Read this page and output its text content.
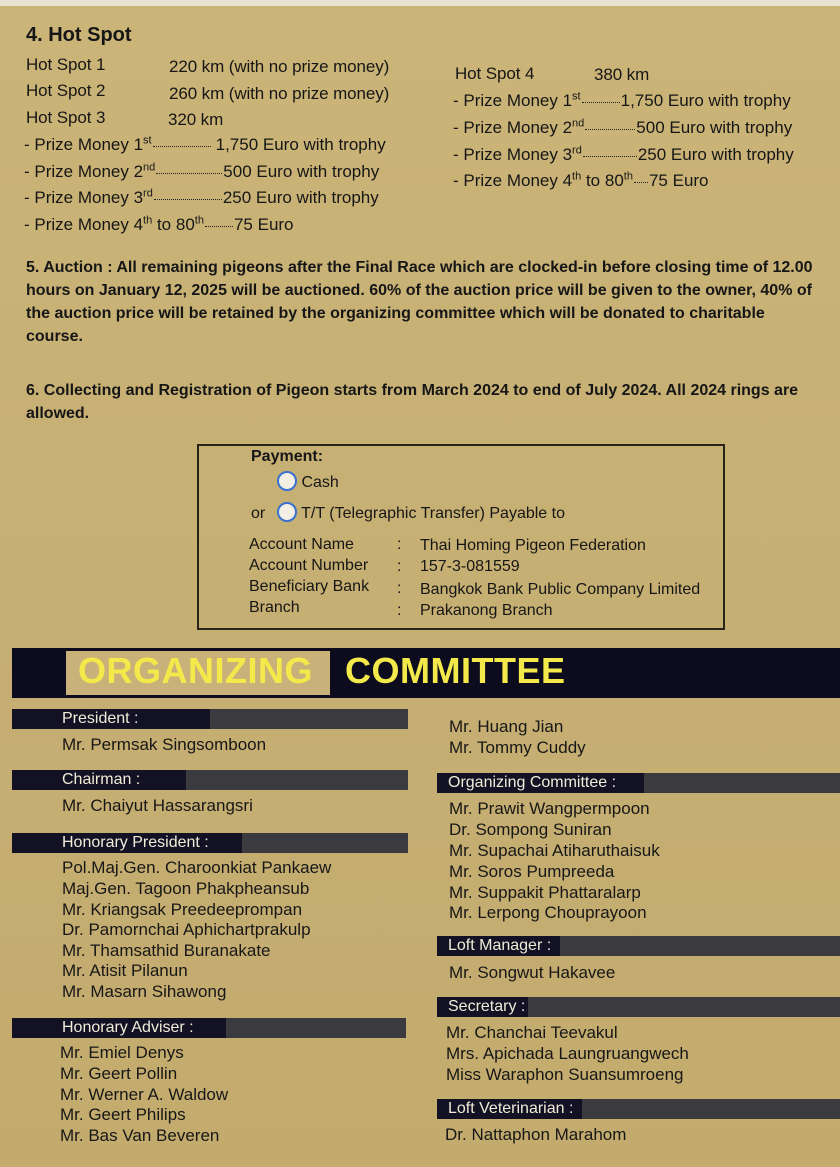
4. Hot Spot
Hot Spot 1	220 km (with no prize money)
Hot Spot 2	260 km (with no prize money)
Hot Spot 3	320 km
- Prize Money 1st	1,750 Euro with trophy
- Prize Money 2nd	500 Euro with trophy
- Prize Money 3rd	250 Euro with trophy
- Prize Money 4th to 80th 75 Euro
Hot Spot 4	380 km
- Prize Money 1st 1,750 Euro with trophy
- Prize Money 2nd	500 Euro with trophy
- Prize Money 3rd	250 Euro with trophy
- Prize Money 4th to 80th 75 Euro
5. Auction : All remaining pigeons after the Final Race which are clocked-in before closing time of 12.00 hours on January 12, 2025 will be auctioned. 60% of the auction price will be given to the owner, 40% of the auction price will be retained by the organizing committee which will be donated to charitable course.
6. Collecting and Registration of Pigeon starts from March 2024 to end of July 2024. All 2024 rings are allowed.
Payment:
Cash
or	T/T (Telegraphic Transfer) Payable to
Account Name	: Thai Homing Pigeon Federation
Account Number : 157-3-081559
Beneficiary Bank : Bangkok Bank Public Company Limited
Branch	: Prakanong Branch
ORGANIZING COMMITTEE
President :
Mr. Permsak Singsomboon
Chairman :
Mr. Chaiyut Hassarangsri
Honorary President :
Pol.Maj.Gen. Charoonkiat Pankaew
Maj.Gen. Tagoon Phakpheansub
Mr. Kriangsak Preedeeprompan
Dr. Pamornchai Aphichartprakulp
Mr. Thamsathid Buranakate
Mr. Atisit Pilanun
Mr. Masarn Sihawong
Honorary Adviser :
Mr. Emiel Denys
Mr. Geert Pollin
Mr. Werner A. Waldow
Mr. Geert Philips
Mr. Bas Van Beveren
Mr. Huang Jian
Mr. Tommy Cuddy
Organizing Committee :
Mr. Prawit Wangpermpoon
Dr. Sompong Suniran
Mr. Supachai Atiharuthaisuk
Mr. Soros Pumpreeda
Mr. Suppakit Phattaralarp
Mr. Lerpong Chouprayoon
Loft Manager :
Mr. Songwut Hakavee
Secretary :
Mr. Chanchai Teevakul
Mrs. Apichada Laungruangwech
Miss Waraphon Suansumroeng
Loft Veterinarian :
Dr. Nattaphon Marahom
